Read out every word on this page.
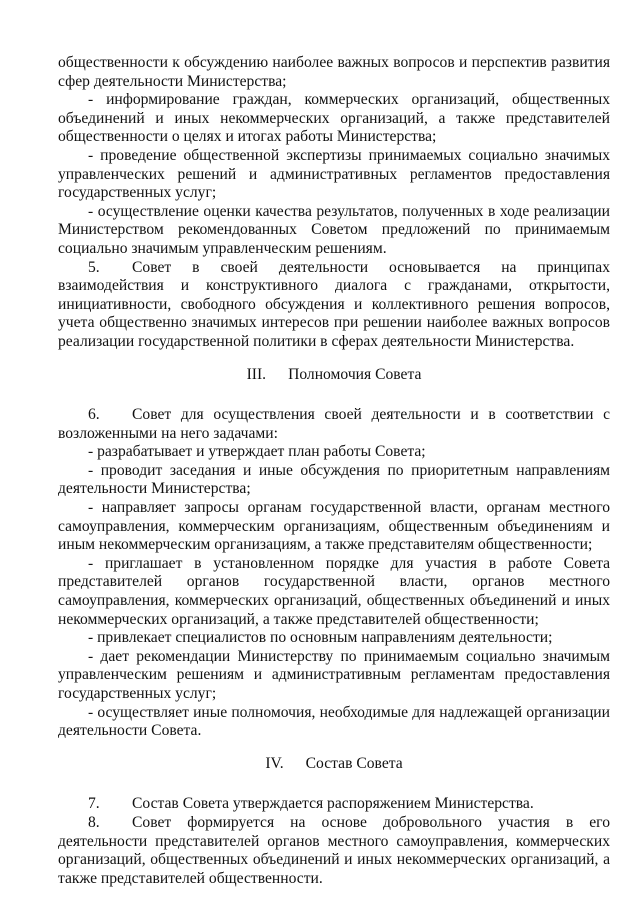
общественности к обсуждению наиболее важных вопросов и перспектив развития сфер деятельности Министерства;

- информирование граждан, коммерческих организаций, общественных объединений и иных некоммерческих организаций, а также представителей общественности о целях и итогах работы Министерства;

- проведение общественной экспертизы принимаемых социально значимых управленческих решений и административных регламентов предоставления государственных услуг;

- осуществление оценки качества результатов, полученных в ходе реализации Министерством рекомендованных Советом предложений по принимаемым социально значимым управленческим решениям.

5. Совет в своей деятельности основывается на принципах взаимодействия и конструктивного диалога с гражданами, открытости, инициативности, свободного обсуждения и коллективного решения вопросов, учета общественно значимых интересов при решении наиболее важных вопросов реализации государственной политики в сферах деятельности Министерства.

III. Полномочия Совета

6. Совет для осуществления своей деятельности и в соответствии с возложенными на него задачами:

- разрабатывает и утверждает план работы Совета;

- проводит заседания и иные обсуждения по приоритетным направлениям деятельности Министерства;

- направляет запросы органам государственной власти, органам местного самоуправления, коммерческим организациям, общественным объединениям и иным некоммерческим организациям, а также представителям общественности;

- приглашает в установленном порядке для участия в работе Совета представителей органов государственной власти, органов местного самоуправления, коммерческих организаций, общественных объединений и иных некоммерческих организаций, а также представителей общественности;

- привлекает специалистов по основным направлениям деятельности;

- дает рекомендации Министерству по принимаемым социально значимым управленческим решениям и административным регламентам предоставления государственных услуг;

- осуществляет иные полномочия, необходимые для надлежащей организации деятельности Совета.

IV. Состав Совета

7. Состав Совета утверждается распоряжением Министерства.

8. Совет формируется на основе добровольного участия в его деятельности представителей органов местного самоуправления, коммерческих организаций, общественных объединений и иных некоммерческих организаций, а также представителей общественности.
